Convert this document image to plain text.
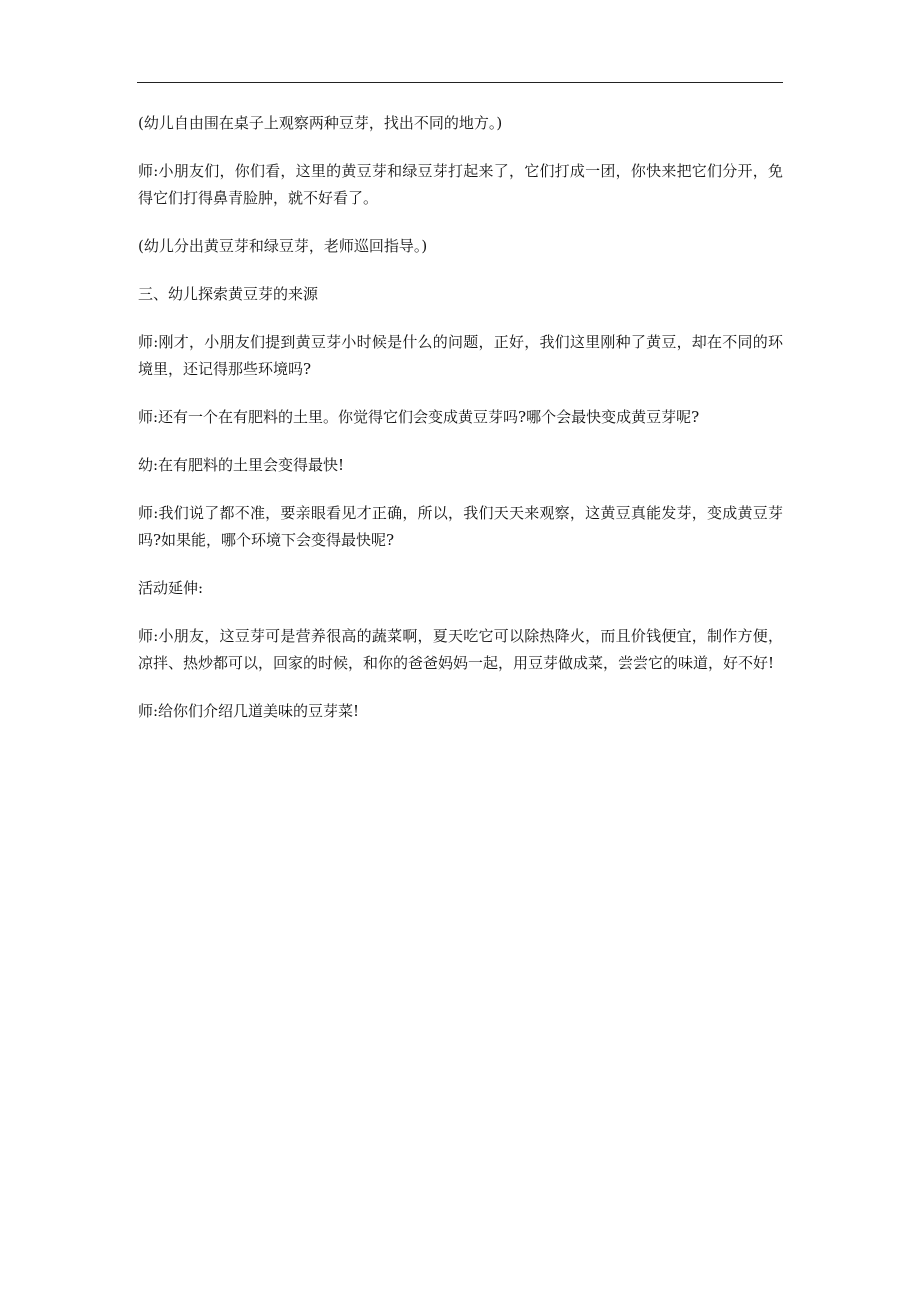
(幼儿自由围在桌子上观察两种豆芽，找出不同的地方。)

师:小朋友们，你们看，这里的黄豆芽和绿豆芽打起来了，它们打成一团，你快来把它们分开，免得它们打得鼻青脸肿，就不好看了。

(幼儿分出黄豆芽和绿豆芽，老师巡回指导。)

三、幼儿探索黄豆芽的来源

师:刚才，小朋友们提到黄豆芽小时候是什么的问题，正好，我们这里刚种了黄豆，却在不同的环境里，还记得那些环境吗?

师:还有一个在有肥料的土里。你觉得它们会变成黄豆芽吗?哪个会最快变成黄豆芽呢?

幼:在有肥料的土里会变得最快!

师:我们说了都不准，要亲眼看见才正确，所以，我们天天来观察，这黄豆真能发芽，变成黄豆芽吗?如果能，哪个环境下会变得最快呢?

活动延伸:

师:小朋友，这豆芽可是营养很高的蔬菜啊，夏天吃它可以除热降火，而且价钱便宜，制作方便，凉拌、热炒都可以，回家的时候，和你的爸爸妈妈一起，用豆芽做成菜，尝尝它的味道，好不好!

师:给你们介绍几道美味的豆芽菜!
